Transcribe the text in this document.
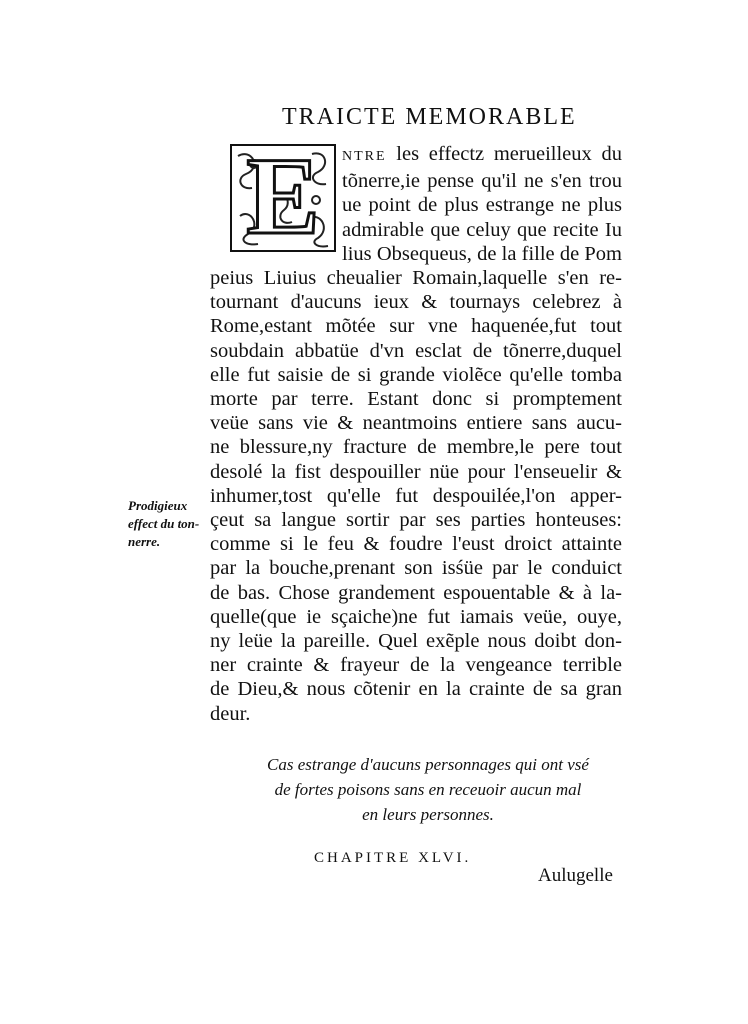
TRAICTE MEMORABLE
E	NTRE les effectz merueilleux du
tõnerre,ie pense qu'il ne s'en trou
ue point de plus estrange ne plus
admirable que celuy que recite Iu
lius Obsequeus, de la fille de Pom
peius Liuius cheualier Romain,laquelle s'en re-
tournant d'aucuns ieux & tournays celebrez à
Rome,estant mõtée sur vne haquenée,fut tout
soubdain abbatüe d'vn esclat de tõnerre,duquel
elle fut saisie de si grande violẽce qu'elle tomba
morte par terre. Estant donc si promptement
veüe sans vie & neantmoins entiere sans aucu-
ne blessure,ny fracture de membre,le pere tout
desolé la fist despouiller nüe pour l'enseuelir &
inhumer,tost qu'elle fut despouilée,l'on apper-
çeut sa langue sortir par ses parties honteuses:
comme si le feu & foudre l'eust droict attainte
par la bouche,prenant son isśüe par le conduict
de bas. Chose grandement espouentable & à la-
quelle(que ie sçaiche)ne fut iamais veüe, ouye,
ny leüe la pareille. Quel exẽple nous doibt don-
ner crainte & frayeur de la vengeance terrible
de Dieu,& nous cõtenir en la crainte de sa gran
deur.
Prodigieux
effect du ton-
nerre.
Cas estrange d'aucuns personnages qui ont vsé
de fortes poisons sans en receuoir aucun mal
en leurs personnes.
CHAPITRE XLVI.
Aulugelle
